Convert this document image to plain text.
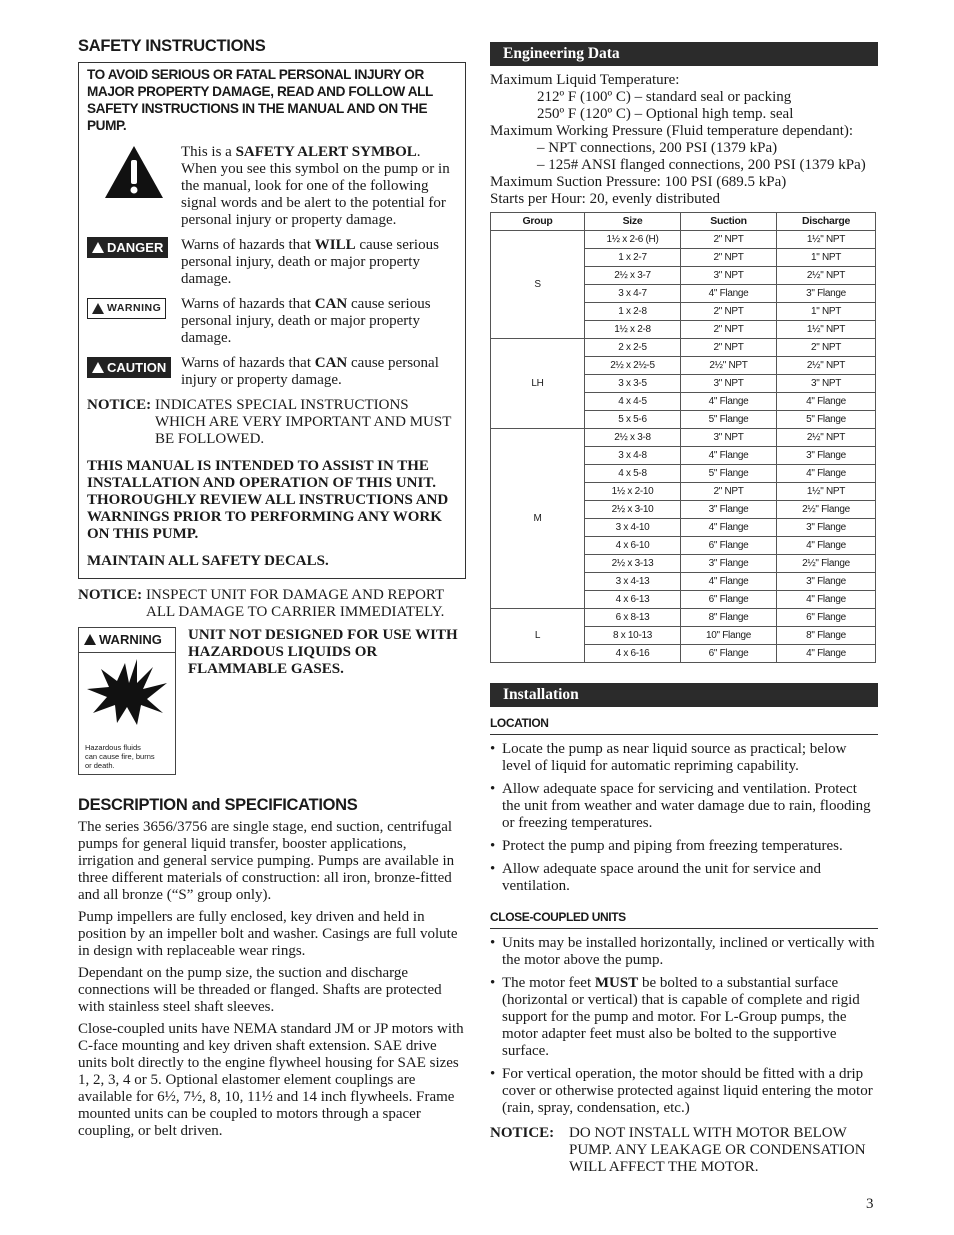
SAFETY INSTRUCTIONS
TO AVOID SERIOUS OR FATAL PERSONAL INJURY OR MAJOR PROPERTY DAMAGE, READ AND FOLLOW ALL SAFETY INSTRUCTIONS IN THE MANUAL AND ON THE PUMP.
This is a SAFETY ALERT SYMBOL. When you see this symbol on the pump or in the manual, look for one of the following signal words and be alert to the potential for personal injury or property damage.
DANGER Warns of hazards that WILL cause serious personal injury, death or major property damage.
WARNING Warns of hazards that CAN cause serious personal injury, death or major property damage.
CAUTION Warns of hazards that CAN cause personal injury or property damage.
NOTICE: INDICATES SPECIAL INSTRUCTIONS WHICH ARE VERY IMPORTANT AND MUST BE FOLLOWED.
THIS MANUAL IS INTENDED TO ASSIST IN THE INSTALLATION AND OPERATION OF THIS UNIT. THOROUGHLY REVIEW ALL INSTRUCTIONS AND WARNINGS PRIOR TO PERFORMING ANY WORK ON THIS PUMP.
MAINTAIN ALL SAFETY DECALS.
NOTICE: INSPECT UNIT FOR DAMAGE AND REPORT ALL DAMAGE TO CARRIER IMMEDIATELY.
WARNING
Hazardous fluids can cause fire, burns or death.
UNIT NOT DESIGNED FOR USE WITH HAZARDOUS LIQUIDS OR FLAMMABLE GASES.
DESCRIPTION and SPECIFICATIONS
The series 3656/3756 are single stage, end suction, centrifugal pumps for general liquid transfer, booster applications, irrigation and general service pumping. Pumps are available in three different materials of construction: all iron, bronze-fitted and all bronze (“S” group only).
Pump impellers are fully enclosed, key driven and held in position by an impeller bolt and washer. Casings are full volute in design with replaceable wear rings.
Dependant on the pump size, the suction and discharge connections will be threaded or flanged. Shafts are protected with stainless steel shaft sleeves.
Close-coupled units have NEMA standard JM or JP motors with C-face mounting and key driven shaft extension. SAE drive units bolt directly to the engine flywheel housing for SAE sizes 1, 2, 3, 4 or 5. Optional elastomer element couplings are available for 6½, 7½, 8, 10, 11½ and 14 inch flywheels. Frame mounted units can be coupled to motors through a spacer coupling, or belt driven.
Engineering Data
Maximum Liquid Temperature:
212º F (100º C) – standard seal or packing
250º F (120º C) – Optional high temp. seal
Maximum Working Pressure (Fluid temperature dependant):
– NPT connections, 200 PSI (1379 kPa)
– 125# ANSI flanged connections, 200 PSI (1379 kPa)
Maximum Suction Pressure: 100 PSI (689.5 kPa)
Starts per Hour: 20, evenly distributed
Group	Size	Suction	Discharge
S	1½ x 2-6 (H)	2" NPT	1½" NPT
	1 x 2-7	2" NPT	1" NPT
	2½ x 3-7	3" NPT	2½" NPT
	3 x 4-7	4" Flange	3" Flange
	1 x 2-8	2" NPT	1" NPT
	1½ x 2-8	2" NPT	1½" NPT
LH	2 x 2-5	2" NPT	2" NPT
	2½ x 2½-5	2½" NPT	2½" NPT
	3 x 3-5	3" NPT	3" NPT
	4 x 4-5	4" Flange	4" Flange
	5 x 5-6	5" Flange	5" Flange
M	2½ x 3-8	3" NPT	2½" NPT
	3 x 4-8	4" Flange	3" Flange
	4 x 5-8	5" Flange	4" Flange
	1½ x 2-10	2" NPT	1½" NPT
	2½ x 3-10	3" Flange	2½" Flange
	3 x 4-10	4" Flange	3" Flange
	4 x 6-10	6" Flange	4" Flange
	2½ x 3-13	3" Flange	2½" Flange
	3 x 4-13	4" Flange	3" Flange
	4 x 6-13	6" Flange	4" Flange
L	6 x 8-13	8" Flange	6" Flange
	8 x 10-13	10" Flange	8" Flange
	4 x 6-16	6" Flange	4" Flange
Installation
LOCATION
• Locate the pump as near liquid source as practical; below level of liquid for automatic repriming capability.
• Allow adequate space for servicing and ventilation. Protect the unit from weather and water damage due to rain, flooding or freezing temperatures.
• Protect the pump and piping from freezing temperatures.
• Allow adequate space around the unit for service and ventilation.
CLOSE-COUPLED UNITS
• Units may be installed horizontally, inclined or vertically with the motor above the pump.
• The motor feet MUST be bolted to a substantial surface (horizontal or vertical) that is capable of complete and rigid support for the pump and motor. For L-Group pumps, the motor adapter feet must also be bolted to the supportive surface.
• For vertical operation, the motor should be fitted with a drip cover or otherwise protected against liquid entering the motor (rain, spray, condensation, etc.)
NOTICE: DO NOT INSTALL WITH MOTOR BELOW PUMP. ANY LEAKAGE OR CONDENSATION WILL AFFECT THE MOTOR.
3
